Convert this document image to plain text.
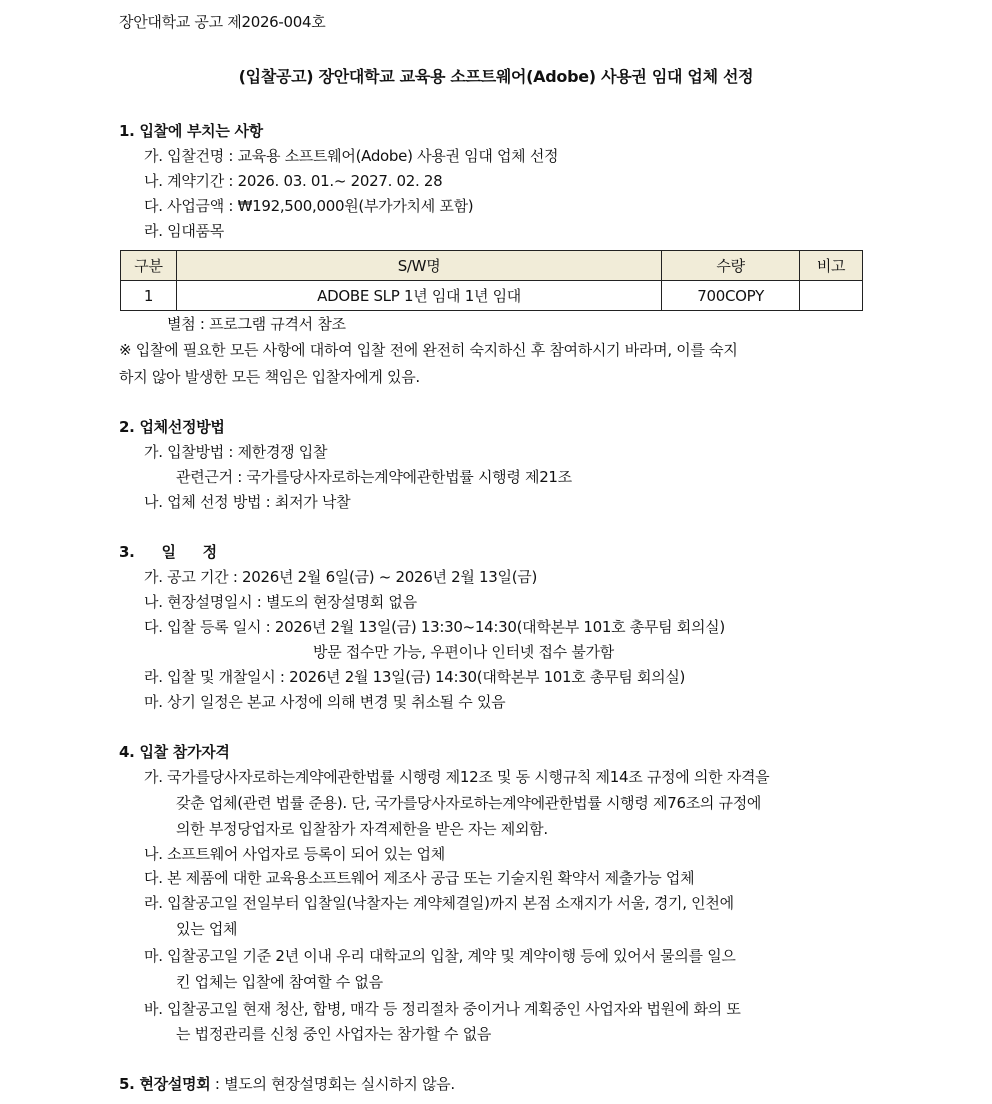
장안대학교 공고 제2026-004호
(입찰공고) 장안대학교 교육용 소프트웨어(Adobe) 사용권 임대 업체 선정
1. 입찰에 부치는 사항
가. 입찰건명 : 교육용 소프트웨어(Adobe) 사용권 임대 업체 선정
나. 계약기간 : 2026. 03. 01.~ 2027. 02. 28
다. 사업금액 : ₩192,500,000원(부가가치세 포함)
라. 임대품목
구분	S/W명	수량	비고
1	ADOBE SLP 1년 임대 1년 임대	700COPY	
별첨 : 프로그램 규격서 참조
※ 입찰에 필요한 모든 사항에 대하여 입찰 전에 완전히 숙지하신 후 참여하시기 바라며, 이를 숙지
하지 않아 발생한 모든 책임은 입찰자에게 있음.
2. 업체선정방법
가. 입찰방법 : 제한경쟁 입찰
관련근거 : 국가를당사자로하는계약에관한법률 시행령 제21조
나. 업체 선정 방법 : 최저가 낙찰
3. 일 정
가. 공고 기간 : 2026년 2월 6일(금) ~ 2026년 2월 13일(금)
나. 현장설명일시 : 별도의 현장설명회 없음
다. 입찰 등록 일시 : 2026년 2월 13일(금) 13:30~14:30(대학본부 101호 총무팀 회의실)
방문 접수만 가능, 우편이나 인터넷 접수 불가함
라. 입찰 및 개찰일시 : 2026년 2월 13일(금) 14:30(대학본부 101호 총무팀 회의실)
마. 상기 일정은 본교 사정에 의해 변경 및 취소될 수 있음
4. 입찰 참가자격
가. 국가를당사자로하는계약에관한법률 시행령 제12조 및 동 시행규칙 제14조 규정에 의한 자격을
갖춘 업체(관련 법률 준용). 단, 국가를당사자로하는계약에관한법률 시행령 제76조의 규정에
의한 부정당업자로 입찰참가 자격제한을 받은 자는 제외함.
나. 소프트웨어 사업자로 등록이 되어 있는 업체
다. 본 제품에 대한 교육용소프트웨어 제조사 공급 또는 기술지원 확약서 제출가능 업체
라. 입찰공고일 전일부터 입찰일(낙찰자는 계약체결일)까지 본점 소재지가 서울, 경기, 인천에
있는 업체
마. 입찰공고일 기준 2년 이내 우리 대학교의 입찰, 계약 및 계약이행 등에 있어서 물의를 일으
킨 업체는 입찰에 참여할 수 없음
바. 입찰공고일 현재 청산, 합병, 매각 등 정리절차 중이거나 계획중인 사업자와 법원에 화의 또
는 법정관리를 신청 중인 사업자는 참가할 수 없음
5. 현장설명회 : 별도의 현장설명회는 실시하지 않음.
